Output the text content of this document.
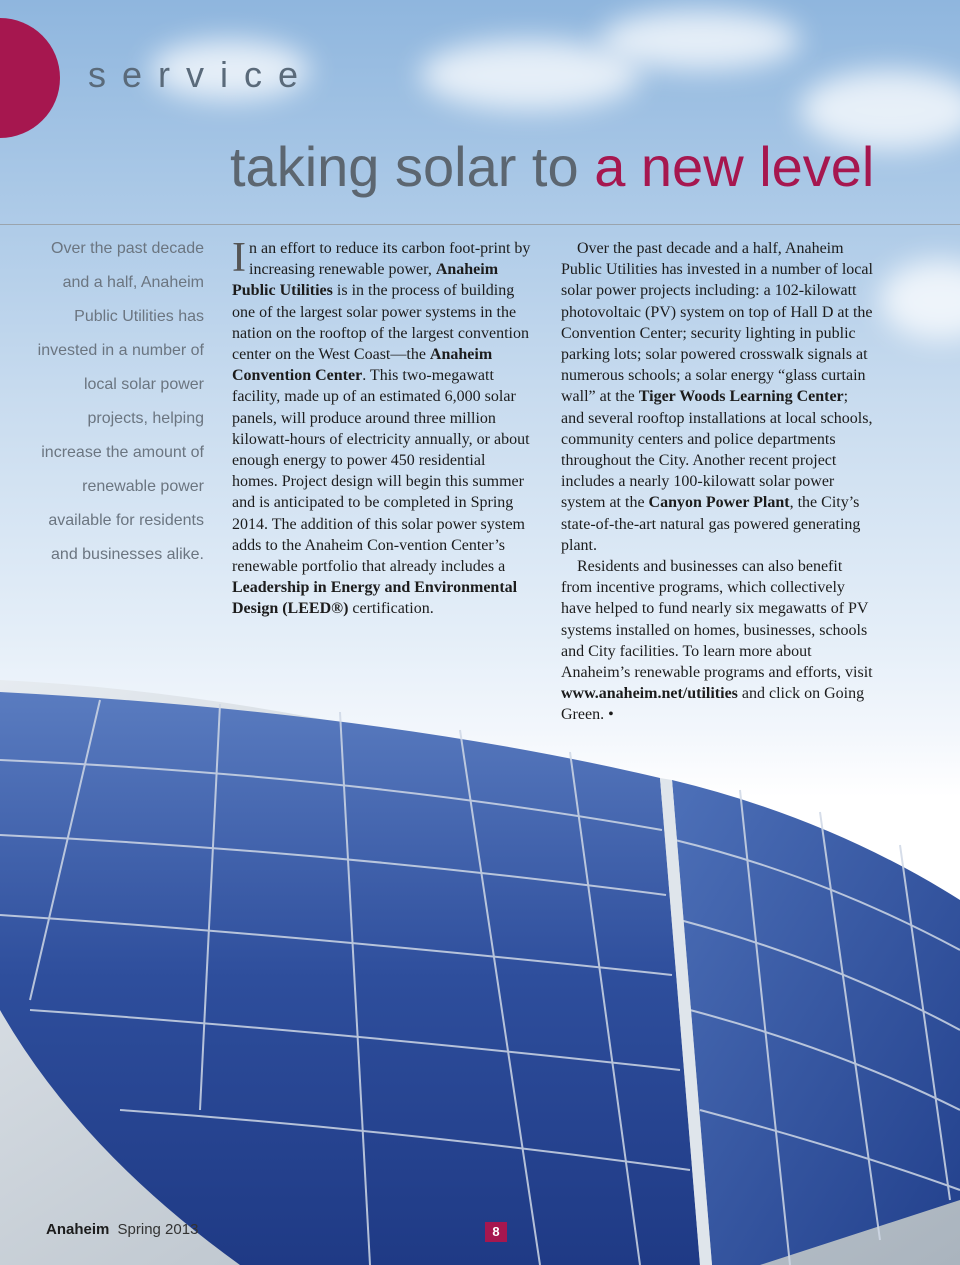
service
taking solar to a new level
Over the past decade and a half, Anaheim Public Utilities has invested in a number of local solar power projects, helping increase the amount of renewable power available for residents and businesses alike.

In an effort to reduce its carbon foot-print by increasing renewable power, Anaheim Public Utilities is in the process of building one of the largest solar power systems in the nation on the rooftop of the largest convention center on the West Coast—the Anaheim Convention Center. This two-megawatt facility, made up of an estimated 6,000 solar panels, will produce around three million kilowatt-hours of electricity annually, or about enough energy to power 450 residential homes. Project design will begin this summer and is anticipated to be completed in Spring 2014. The addition of this solar power system adds to the Anaheim Con-vention Center’s renewable portfolio that already includes a Leadership in Energy and Environmental Design (LEED®) certification.

Over the past decade and a half, Anaheim Public Utilities has invested in a number of local solar power projects including: a 102-kilowatt photovoltaic (PV) system on top of Hall D at the Convention Center; security lighting in public parking lots; solar powered crosswalk signals at numerous schools; a solar energy “glass curtain wall” at the Tiger Woods Learning Center; and several rooftop installations at local schools, community centers and police departments throughout the City. Another recent project includes a nearly 100-kilowatt solar power system at the Canyon Power Plant, the City’s state-of-the-art natural gas powered generating plant.

Residents and businesses can also benefit from incentive programs, which collectively have helped to fund nearly six megawatts of PV systems installed on homes, businesses, schools and City facilities. To learn more about Anaheim’s renewable programs and efforts, visit www.anaheim.net/utilities and click on Going Green. •

Anaheim Spring 2013	8
